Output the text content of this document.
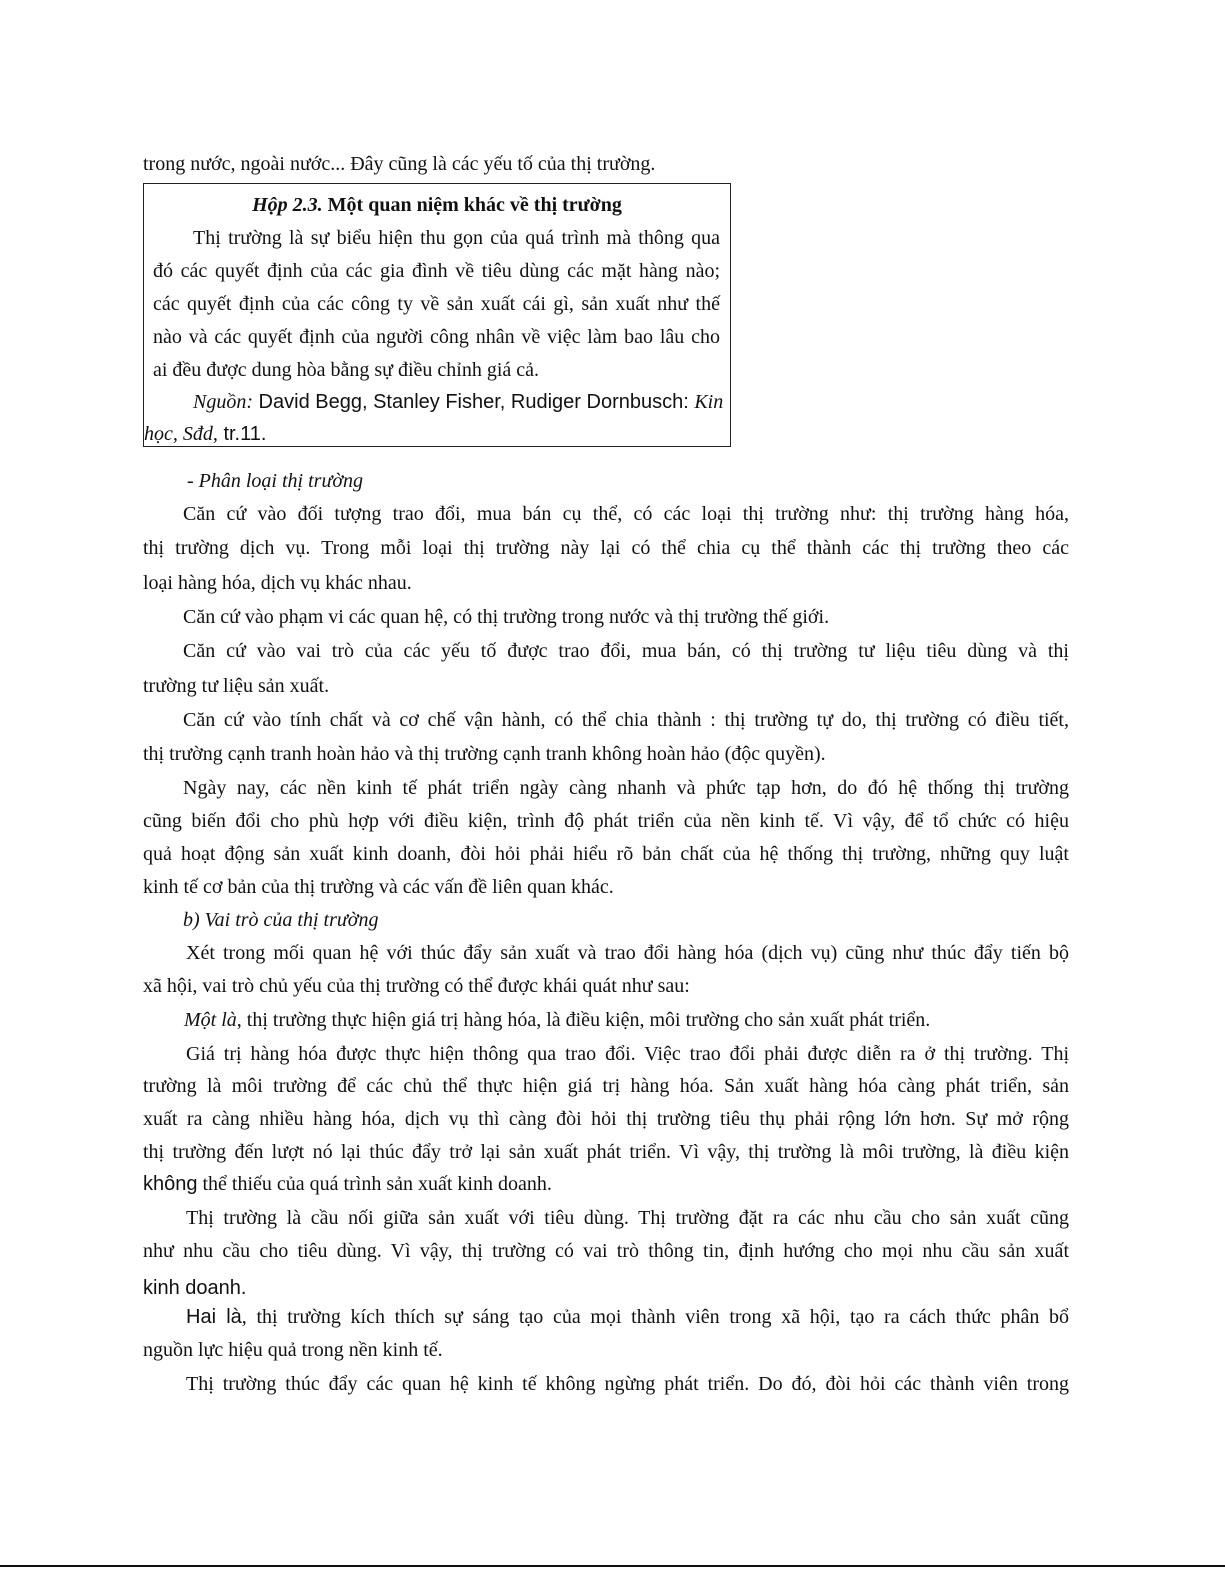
trong nước, ngoài nước... Đây cũng là các yếu tố của thị trường.
Hộp 2.3. Một quan niệm khác về thị trường
Thị trường là sự biểu hiện thu gọn của quá trình mà thông qua
đó các quyết định của các gia đình về tiêu dùng các mặt hàng nào;
các quyết định của các công ty về sản xuất cái gì, sản xuất như thế
nào và các quyết định của người công nhân về việc làm bao lâu cho
ai đều được dung hòa bằng sự điều chỉnh giá cả.
Nguồn: David Begg, Stanley Fisher, Rudiger Dornbusch: Kin
học, Sđd, tr.11.
- Phân loại thị trường
Căn cứ vào đối tượng trao đổi, mua bán cụ thể, có các loại thị trường như: thị trường hàng hóa,
thị trường dịch vụ. Trong mỗi loại thị trường này lại có thể chia cụ thể thành các thị trường theo các
loại hàng hóa, dịch vụ khác nhau.
Căn cứ vào phạm vi các quan hệ, có thị trường trong nước và thị trường thế giới.
Căn cứ vào vai trò của các yếu tố được trao đổi, mua bán, có thị trường tư liệu tiêu dùng và thị
trường tư liệu sản xuất.
Căn cứ vào tính chất và cơ chế vận hành, có thể chia thành : thị trường tự do, thị trường có điều tiết,
thị trường cạnh tranh hoàn hảo và thị trường cạnh tranh không hoàn hảo (độc quyền).
Ngày nay, các nền kinh tế phát triển ngày càng nhanh và phức tạp hơn, do đó hệ thống thị trường
cũng biến đổi cho phù hợp với điều kiện, trình độ phát triển của nền kinh tế. Vì vậy, để tổ chức có hiệu
quả hoạt động sản xuất kinh doanh, đòi hỏi phải hiểu rõ bản chất của hệ thống thị trường, những quy luật
kinh tế cơ bản của thị trường và các vấn đề liên quan khác.
b) Vai trò của thị trường
Xét trong mối quan hệ với thúc đẩy sản xuất và trao đổi hàng hóa (dịch vụ) cũng như thúc đẩy tiến bộ
xã hội, vai trò chủ yếu của thị trường có thể được khái quát như sau:
Một là, thị trường thực hiện giá trị hàng hóa, là điều kiện, môi trường cho sản xuất phát triển.
Giá trị hàng hóa được thực hiện thông qua trao đổi. Việc trao đổi phải được diễn ra ở thị trường. Thị
trường là môi trường để các chủ thể thực hiện giá trị hàng hóa. Sản xuất hàng hóa càng phát triển, sản
xuất ra càng nhiều hàng hóa, dịch vụ thì càng đòi hỏi thị trường tiêu thụ phải rộng lớn hơn. Sự mở rộng
thị trường đến lượt nó lại thúc đẩy trở lại sản xuất phát triển. Vì vậy, thị trường là môi trường, là điều kiện
không thể thiếu của quá trình sản xuất kinh doanh.
Thị trường là cầu nối giữa sản xuất với tiêu dùng. Thị trường đặt ra các nhu cầu cho sản xuất cũng
như nhu cầu cho tiêu dùng. Vì vậy, thị trường có vai trò thông tin, định hướng cho mọi nhu cầu sản xuất
kinh doanh.
Hai là, thị trường kích thích sự sáng tạo của mọi thành viên trong xã hội, tạo ra cách thức phân bổ
nguồn lực hiệu quả trong nền kinh tế.
Thị trường thúc đẩy các quan hệ kinh tế không ngừng phát triển. Do đó, đòi hỏi các thành viên trong
